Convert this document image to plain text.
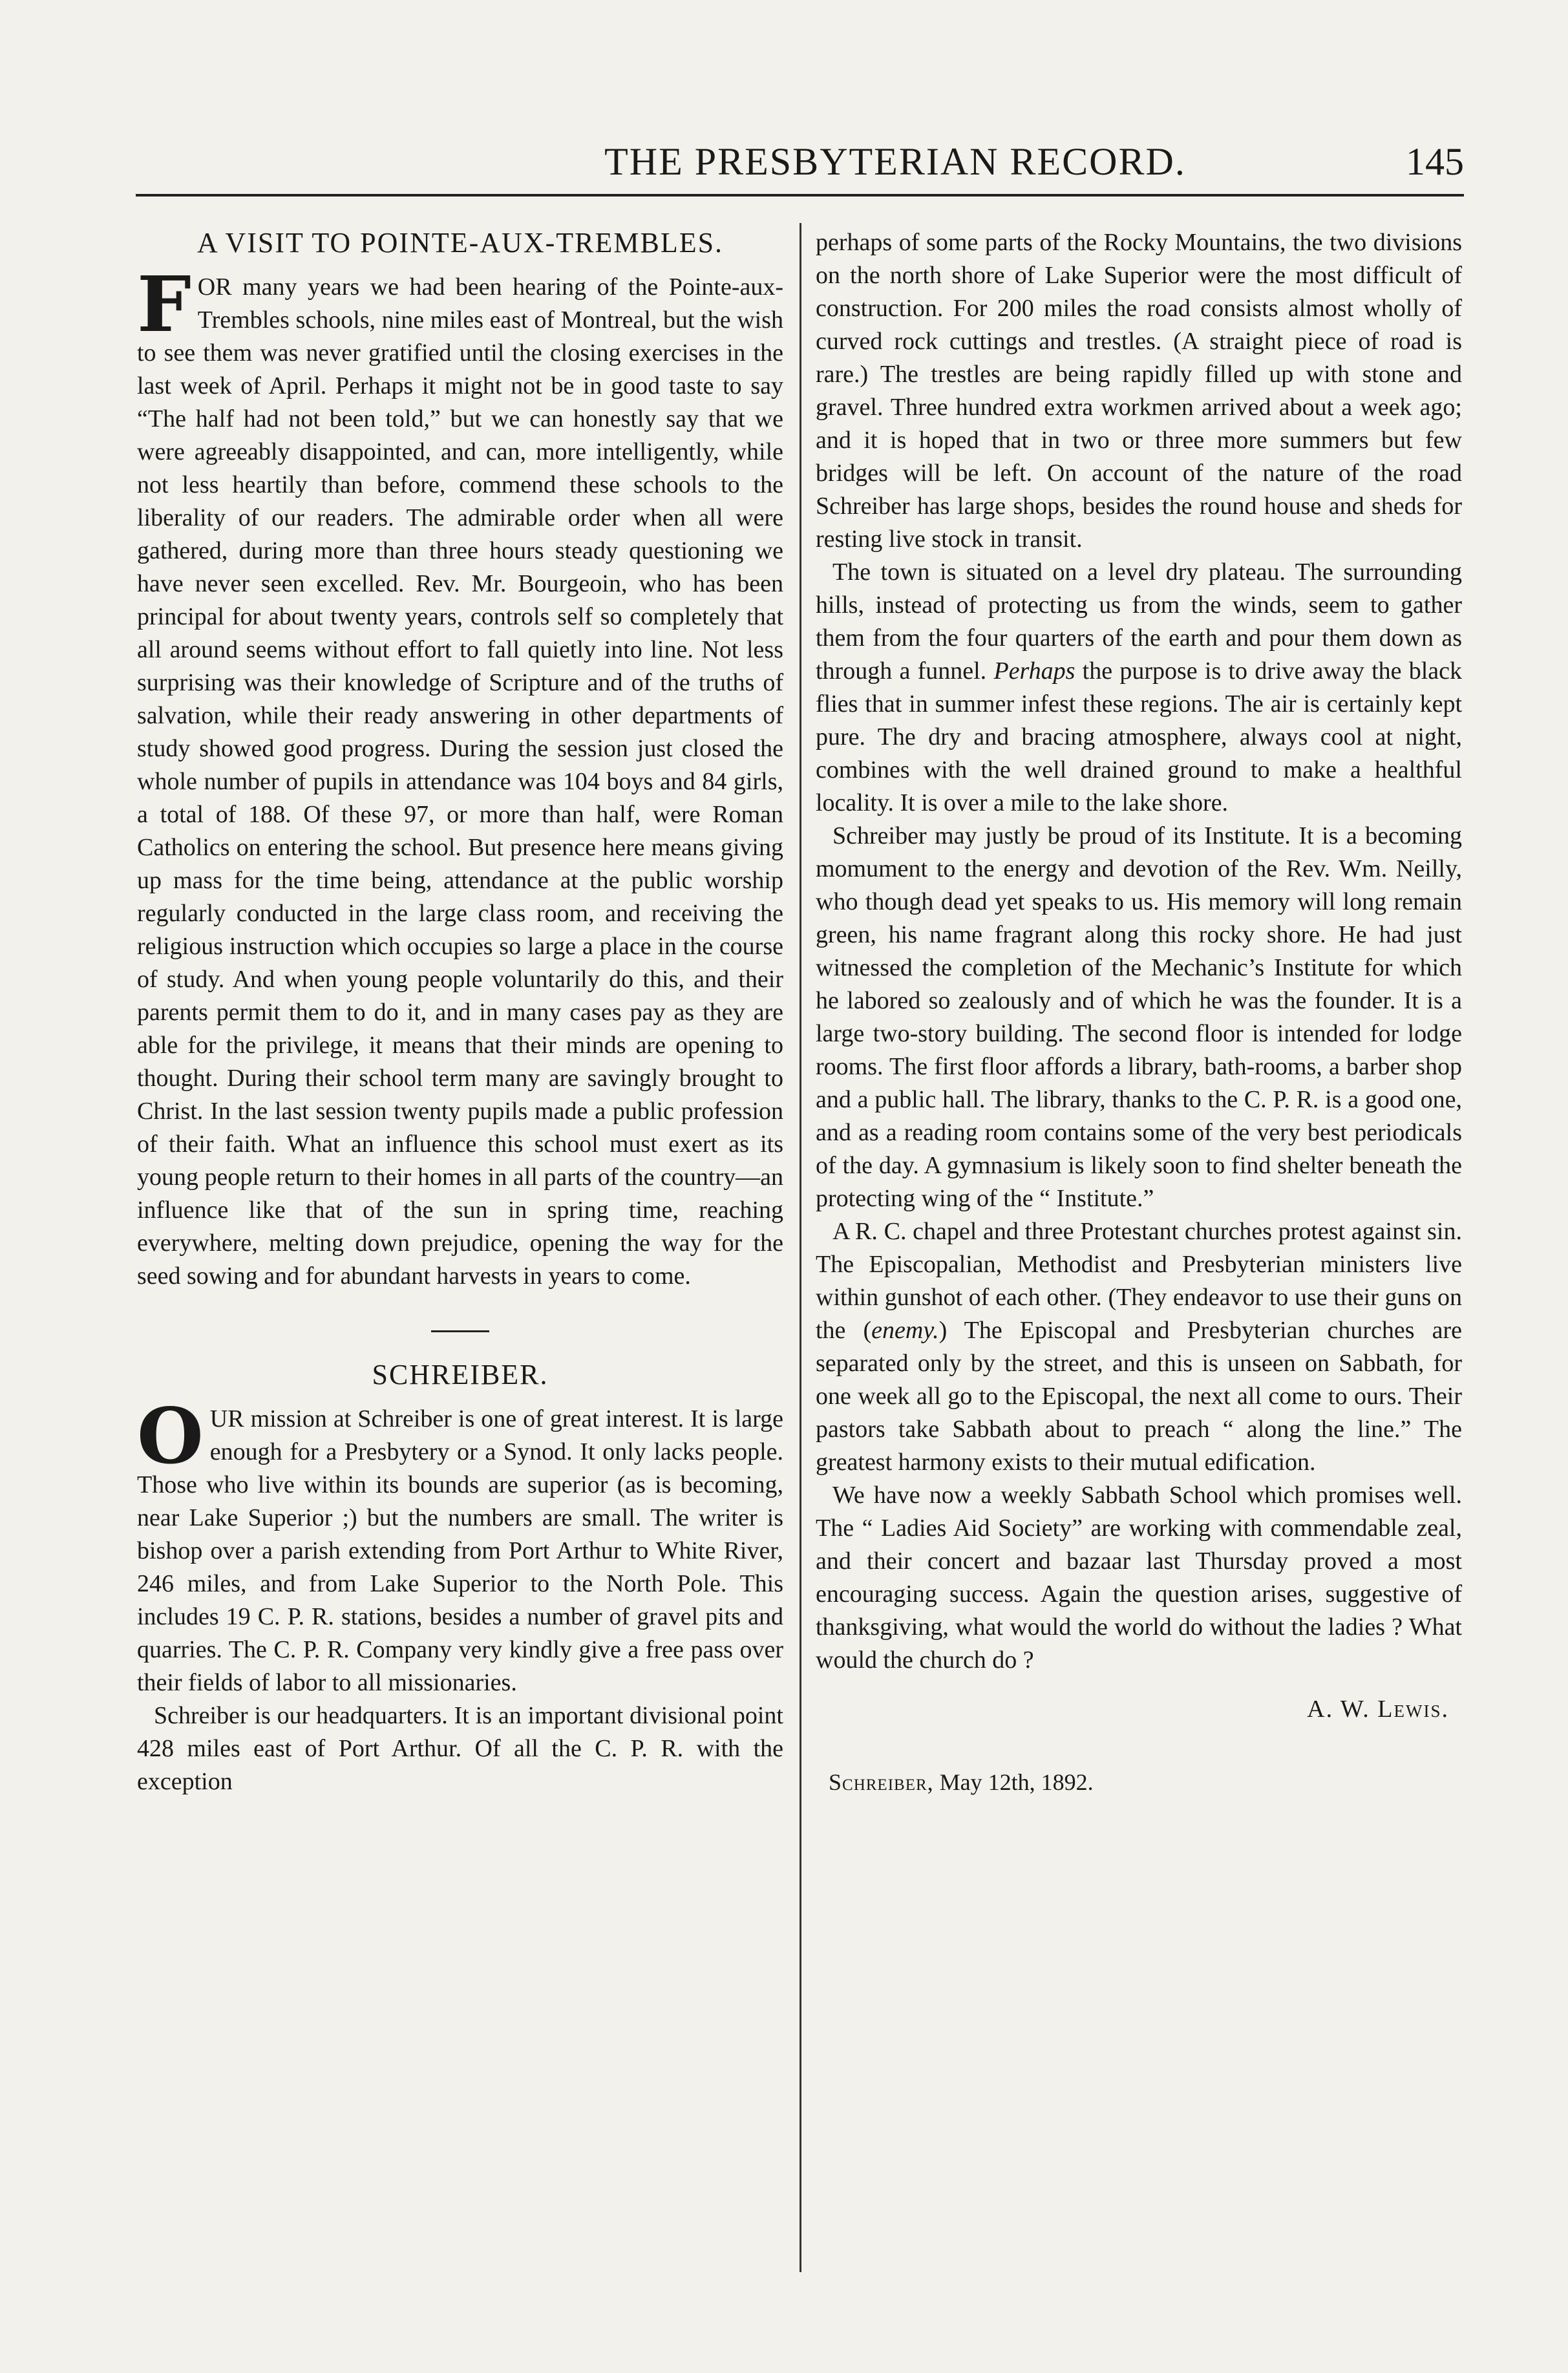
THE PRESBYTERIAN RECORD.	145
A VISIT TO POINTE-AUX-TREMBLES.

FOR many years we had been hearing of the Pointe-aux-Trembles schools, nine miles east of Montreal, but the wish to see them was never gratified until the closing exercises in the last week of April. Perhaps it might not be in good taste to say “The half had not been told,” but we can honestly say that we were agreeably disappointed, and can, more intelligently, while not less heartily than before, commend these schools to the liberality of our readers. The admirable order when all were gathered, during more than three hours steady questioning we have never seen excelled. Rev. Mr. Bourgeoin, who has been principal for about twenty years, controls self so completely that all around seems without effort to fall quietly into line. Not less surprising was their knowledge of Scripture and of the truths of salvation, while their ready answering in other departments of study showed good progress. During the session just closed the whole number of pupils in attendance was 104 boys and 84 girls, a total of 188. Of these 97, or more than half, were Roman Catholics on entering the school. But presence here means giving up mass for the time being, attendance at the public worship regularly conducted in the large class room, and receiving the religious instruction which occupies so large a place in the course of study. And when young people voluntarily do this, and their parents permit them to do it, and in many cases pay as they are able for the privilege, it means that their minds are opening to thought. During their school term many are savingly brought to Christ. In the last session twenty pupils made a public profession of their faith. What an influence this school must exert as its young people return to their homes in all parts of the country—an influence like that of the sun in spring time, reaching everywhere, melting down prejudice, opening the way for the seed sowing and for abundant harvests in years to come.

SCHREIBER.

OUR mission at Schreiber is one of great interest. It is large enough for a Presbytery or a Synod. It only lacks people. Those who live within its bounds are superior (as is becoming, near Lake Superior ;) but the numbers are small. The writer is bishop over a parish extending from Port Arthur to White River, 246 miles, and from Lake Superior to the North Pole. This includes 19 C. P. R. stations, besides a number of gravel pits and quarries. The C. P. R. Company very kindly give a free pass over their fields of labor to all missionaries.

Schreiber is our headquarters. It is an important divisional point 428 miles east of Port Arthur. Of all the C. P. R. with the exception

perhaps of some parts of the Rocky Mountains, the two divisions on the north shore of Lake Superior were the most difficult of construction. For 200 miles the road consists almost wholly of curved rock cuttings and trestles. (A straight piece of road is rare.) The trestles are being rapidly filled up with stone and gravel. Three hundred extra workmen arrived about a week ago; and it is hoped that in two or three more summers but few bridges will be left. On account of the nature of the road Schreiber has large shops, besides the round house and sheds for resting live stock in transit.

The town is situated on a level dry plateau. The surrounding hills, instead of protecting us from the winds, seem to gather them from the four quarters of the earth and pour them down as through a funnel. Perhaps the purpose is to drive away the black flies that in summer infest these regions. The air is certainly kept pure. The dry and bracing atmosphere, always cool at night, combines with the well drained ground to make a healthful locality. It is over a mile to the lake shore.

Schreiber may justly be proud of its Institute. It is a becoming momument to the energy and devotion of the Rev. Wm. Neilly, who though dead yet speaks to us. His memory will long remain green, his name fragrant along this rocky shore. He had just witnessed the completion of the Mechanic’s Institute for which he labored so zealously and of which he was the founder. It is a large two-story building. The second floor is intended for lodge rooms. The first floor affords a library, bath-rooms, a barber shop and a public hall. The library, thanks to the C. P. R. is a good one, and as a reading room contains some of the very best periodicals of the day. A gymnasium is likely soon to find shelter beneath the protecting wing of the “ Institute.”

A R. C. chapel and three Protestant churches protest against sin. The Episcopalian, Methodist and Presbyterian ministers live within gunshot of each other. (They endeavor to use their guns on the (enemy.) The Episcopal and Presbyterian churches are separated only by the street, and this is unseen on Sabbath, for one week all go to the Episcopal, the next all come to ours. Their pastors take Sabbath about to preach “ along the line.” The greatest harmony exists to their mutual edification.

We have now a weekly Sabbath School which promises well. The “ Ladies Aid Society” are working with commendable zeal, and their concert and bazaar last Thursday proved a most encouraging success. Again the question arises, suggestive of thanksgiving, what would the world do without the ladies ? What would the church do ?

A. W. Lewis.
Schreiber, May 12th, 1892.
